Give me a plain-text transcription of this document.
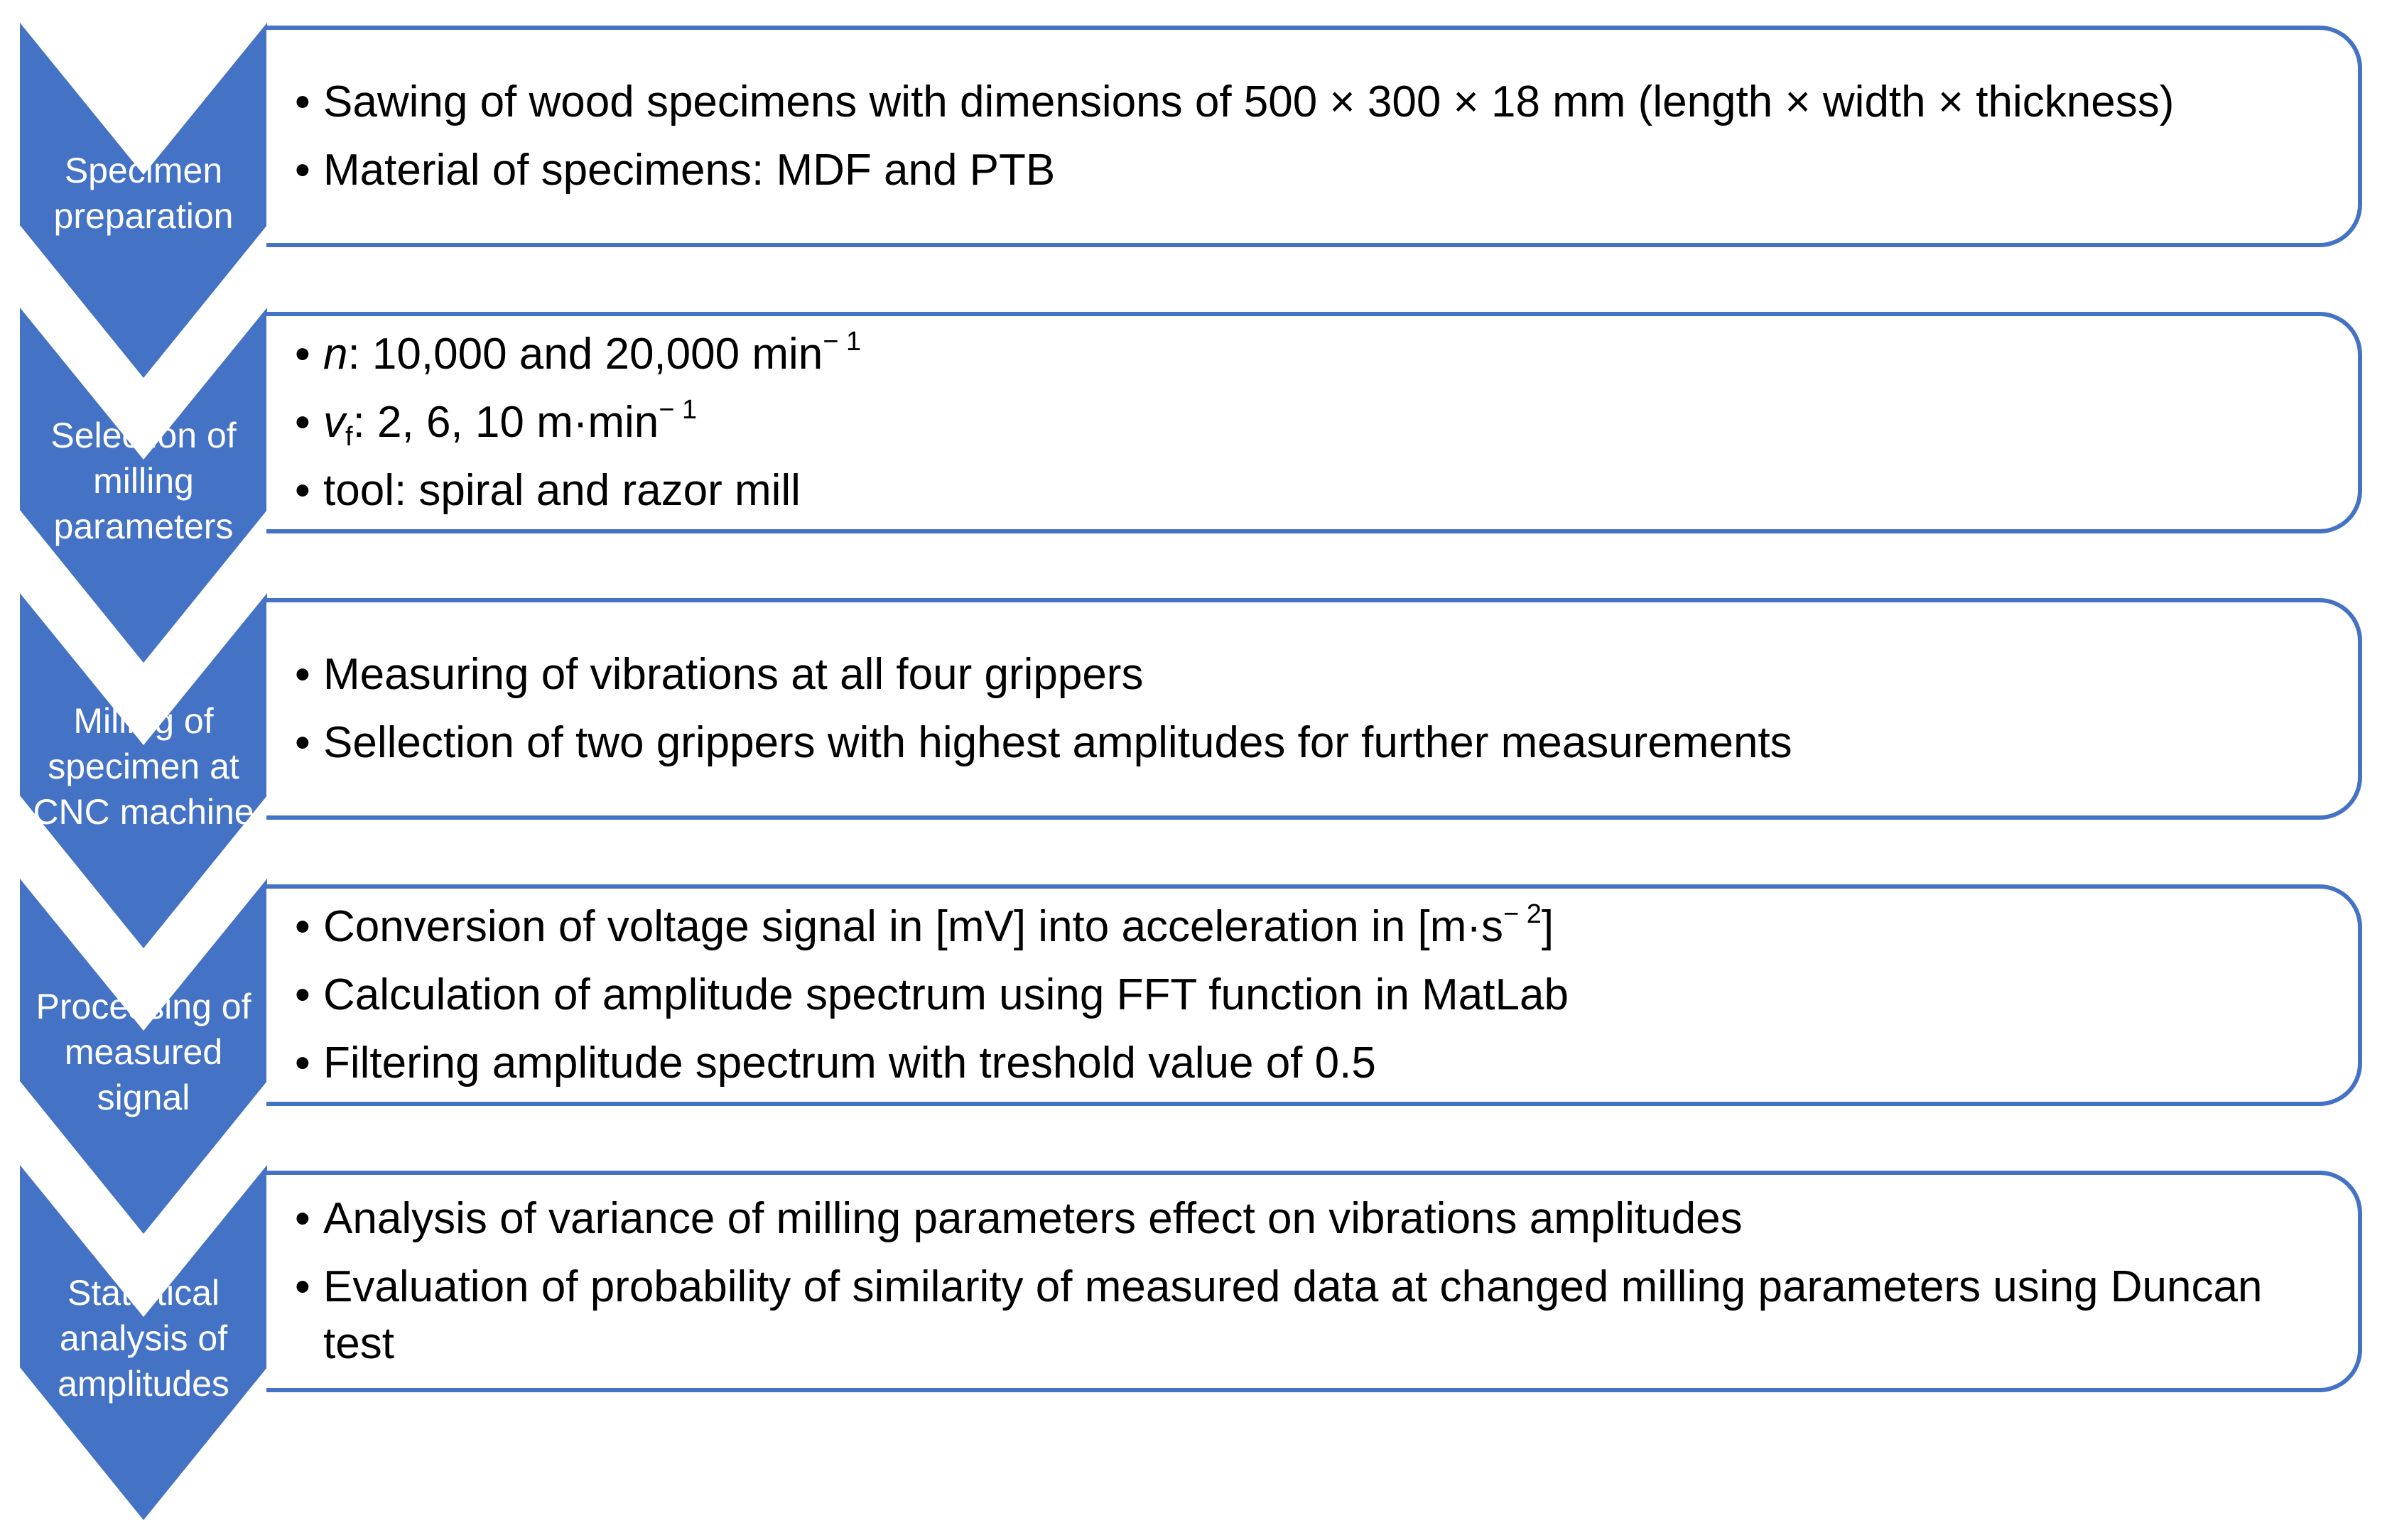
Specimen
preparation
• Sawing of wood specimens with dimensions of 500 × 300 × 18 mm (length × width × thickness)
• Material of specimens: MDF and PTB
Selection of
milling
parameters
• n: 10,000 and 20,000 $\min^{- 1}$
• $v_f$: 2, 6, 10 $m\cdot\min^{- 1}$
• tool: spiral and razor mill
Milling of
specimen at
CNC machine
• Measuring of vibrations at all four grippers
• Sellection of two grippers with highest amplitudes for further measurements
Processing of
measured
signal
• Conversion of voltage signal in [mV] into acceleration in $[m\cdot s^{- 2}]$
• Calculation of amplitude spectrum using FFT function in MatLab
• Filtering amplitude spectrum with treshold value of 0.5
Statistical
analysis of
amplitudes
• Analysis of variance of milling parameters effect on vibrations amplitudes
• Evaluation of probability of similarity of measured data at changed milling parameters using Duncan test
